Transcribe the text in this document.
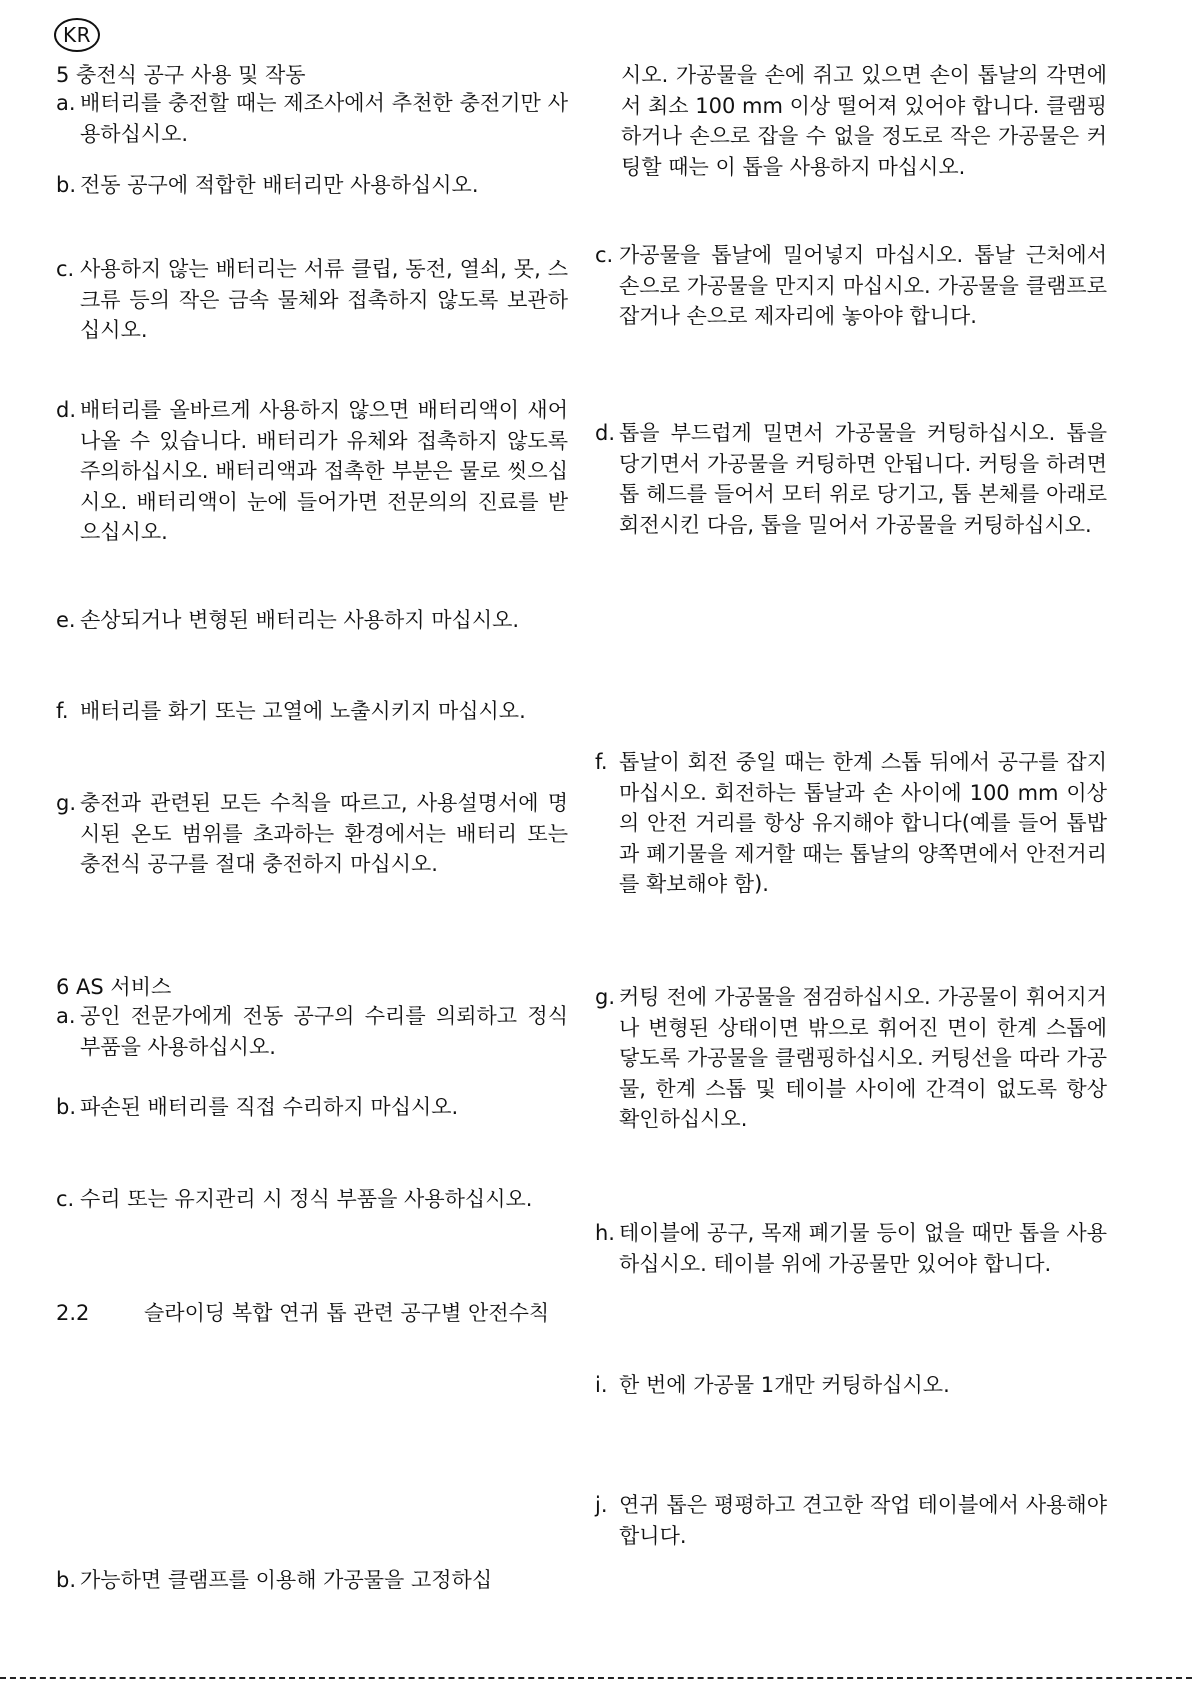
KR
5 충전식 공구 사용 및 작동
a. 배터리를 충전할 때는 제조사에서 추천한 충전기만 사용하십시오.
b. 전동 공구에 적합한 배터리만 사용하십시오.
c. 사용하지 않는 배터리는 서류 클립, 동전, 열쇠, 못, 스크류 등의 작은 금속 물체와 접촉하지 않도록 보관하십시오.
d. 배터리를 올바르게 사용하지 않으면 배터리액이 새어나올 수 있습니다. 배터리가 유체와 접촉하지 않도록 주의하십시오. 배터리액과 접촉한 부분은 물로 씻으십시오. 배터리액이 눈에 들어가면 전문의의 진료를 받으십시오.
e. 손상되거나 변형된 배터리는 사용하지 마십시오.
f. 배터리를 화기 또는 고열에 노출시키지 마십시오.
g. 충전과 관련된 모든 수칙을 따르고, 사용설명서에 명시된 온도 범위를 초과하는 환경에서는 배터리 또는 충전식 공구를 절대 충전하지 마십시오.
6 AS 서비스
a. 공인 전문가에게 전동 공구의 수리를 의뢰하고 정식 부품을 사용하십시오.
b. 파손된 배터리를 직접 수리하지 마십시오.
c. 수리 또는 유지관리 시 정식 부품을 사용하십시오.
2.2	슬라이딩 복합 연귀 톱 관련 공구별 안전수칙
b. 가능하면 클램프를 이용해 가공물을 고정하십
시오. 가공물을 손에 쥐고 있으면 손이 톱날의 각면에서 최소 100 mm 이상 떨어져 있어야 합니다. 클램핑하거나 손으로 잡을 수 없을 정도로 작은 가공물은 커팅할 때는 이 톱을 사용하지 마십시오.
c. 가공물을 톱날에 밀어넣지 마십시오. 톱날 근처에서 손으로 가공물을 만지지 마십시오. 가공물을 클램프로 잡거나 손으로 제자리에 놓아야 합니다.
d. 톱을 부드럽게 밀면서 가공물을 커팅하십시오. 톱을 당기면서 가공물을 커팅하면 안됩니다. 커팅을 하려면 톱 헤드를 들어서 모터 위로 당기고, 톱 본체를 아래로 회전시킨 다음, 톱을 밀어서 가공물을 커팅하십시오.
f. 톱날이 회전 중일 때는 한계 스톱 뒤에서 공구를 잡지 마십시오. 회전하는 톱날과 손 사이에 100 mm 이상의 안전 거리를 항상 유지해야 합니다(예를 들어 톱밥과 폐기물을 제거할 때는 톱날의 양쪽면에서 안전거리를 확보해야 함).
g. 커팅 전에 가공물을 점검하십시오. 가공물이 휘어지거나 변형된 상태이면 밖으로 휘어진 면이 한계 스톱에 닿도록 가공물을 클램핑하십시오. 커팅선을 따라 가공물, 한계 스톱 및 테이블 사이에 간격이 없도록 항상 확인하십시오.
h. 테이블에 공구, 목재 폐기물 등이 없을 때만 톱을 사용하십시오. 테이블 위에 가공물만 있어야 합니다.
i. 한 번에 가공물 1개만 커팅하십시오.
j. 연귀 톱은 평평하고 견고한 작업 테이블에서 사용해야 합니다.
